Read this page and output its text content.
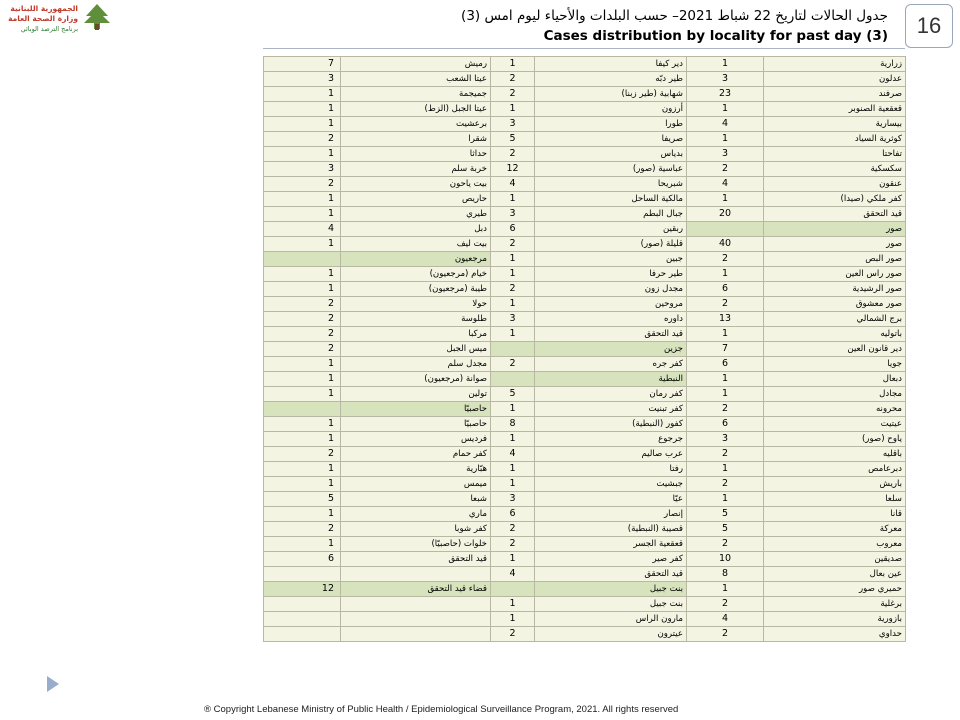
الجمهورية اللبنانية
وزارة الصحة العامة
برنامج الترصد الوبائي
جدول الحالات لتاريخ 22 شباط 2021– حسب البلدات والأحياء ليوم امس (3)
Cases distribution by locality for past day (3)	16
7	رميش	1	دير كيفا	1	زرارية
3	عيتا الشعب	2	طير دبّه	3	عدلون
1	جميجمة	2	شهابية (طير زبنا)	23	صرفند
1	عيتا الجبل (الزط)	1	أرزون	1	قعقعية الصنوبر
1	برعشيت	3	طورا	4	بيسارية
2	شقرا	5	صريفا	1	كوثرية السياد
1	حداثا	2	بدياس	3	تفاحتا
3	خربة سلم	12	عباسية (صور)	2	سكسكية
2	بيت ياحون	4	شبريحا	4	عنقون
1	حاريص	1	مالكية الساحل	1	كفر ملكي (صيدا)
1	طيري	3	جبال البطم	20	قيد التحقق
4	دبل	6	ربقين		صور
1	بيت ليف	2	قليلة (صور)	40	صور
	مرجعيون	1	جبين	2	صور البص
1	خيام (مرجعيون)	1	طير حرفا	1	صور راس العين
1	طيبة (مرجعيون)	2	مجدل زون	6	صور الرشيدية
2	حولا	1	مروحين	2	صور معشوق
2	طلوسة	3	داوره	13	برج الشمالي
2	مركبا	1	قيد التحقق	1	باتوليه
2	ميس الجبل		جزين	7	دير قانون العين
1	مجدل سلم	2	كفر جره	6	جويا
1	صوانة (مرجعيون)		النبطية	1	دبعال
1	تولين	5	كفر رمان	1	مجادل
	حاصبيّا	1	كفر تبنيت	2	محرونه
1	حاصبيّا	8	كفور (النبطية)	6	عيتيت
1	فرديس	1	جرجوع	3	ياوح (صور)
2	كفر حمام	4	عرب صاليم	2	باقليه
1	هبّارية	1	رفتا	1	دبرعامص
1	ميمس	1	جبشيت	2	باريش
5	شبعا	3	عيّا	1	سلعا
1	ماري	6	إنصار	5	قانا
2	كفر شوبا	2	قصيبة (النبطية)	5	معركة
1	خلوات (حاصبيّا)	2	قعقعية الجسر	2	معروب
6	قيد التحقق	1	كفر صير	10	صديقين
		4	قيد التحقق	8	عين بعال
12	قضاء قيد التحقق		بنت جبيل	1	حميري صور
		1	بنت جبيل	2	برغلية
		1	مارون الراس	4	بازورية
		2	عيترون	2	حداوي
® Copyright Lebanese Ministry of Public Health / Epidemiological Surveillance Program, 2021. All rights reserved
